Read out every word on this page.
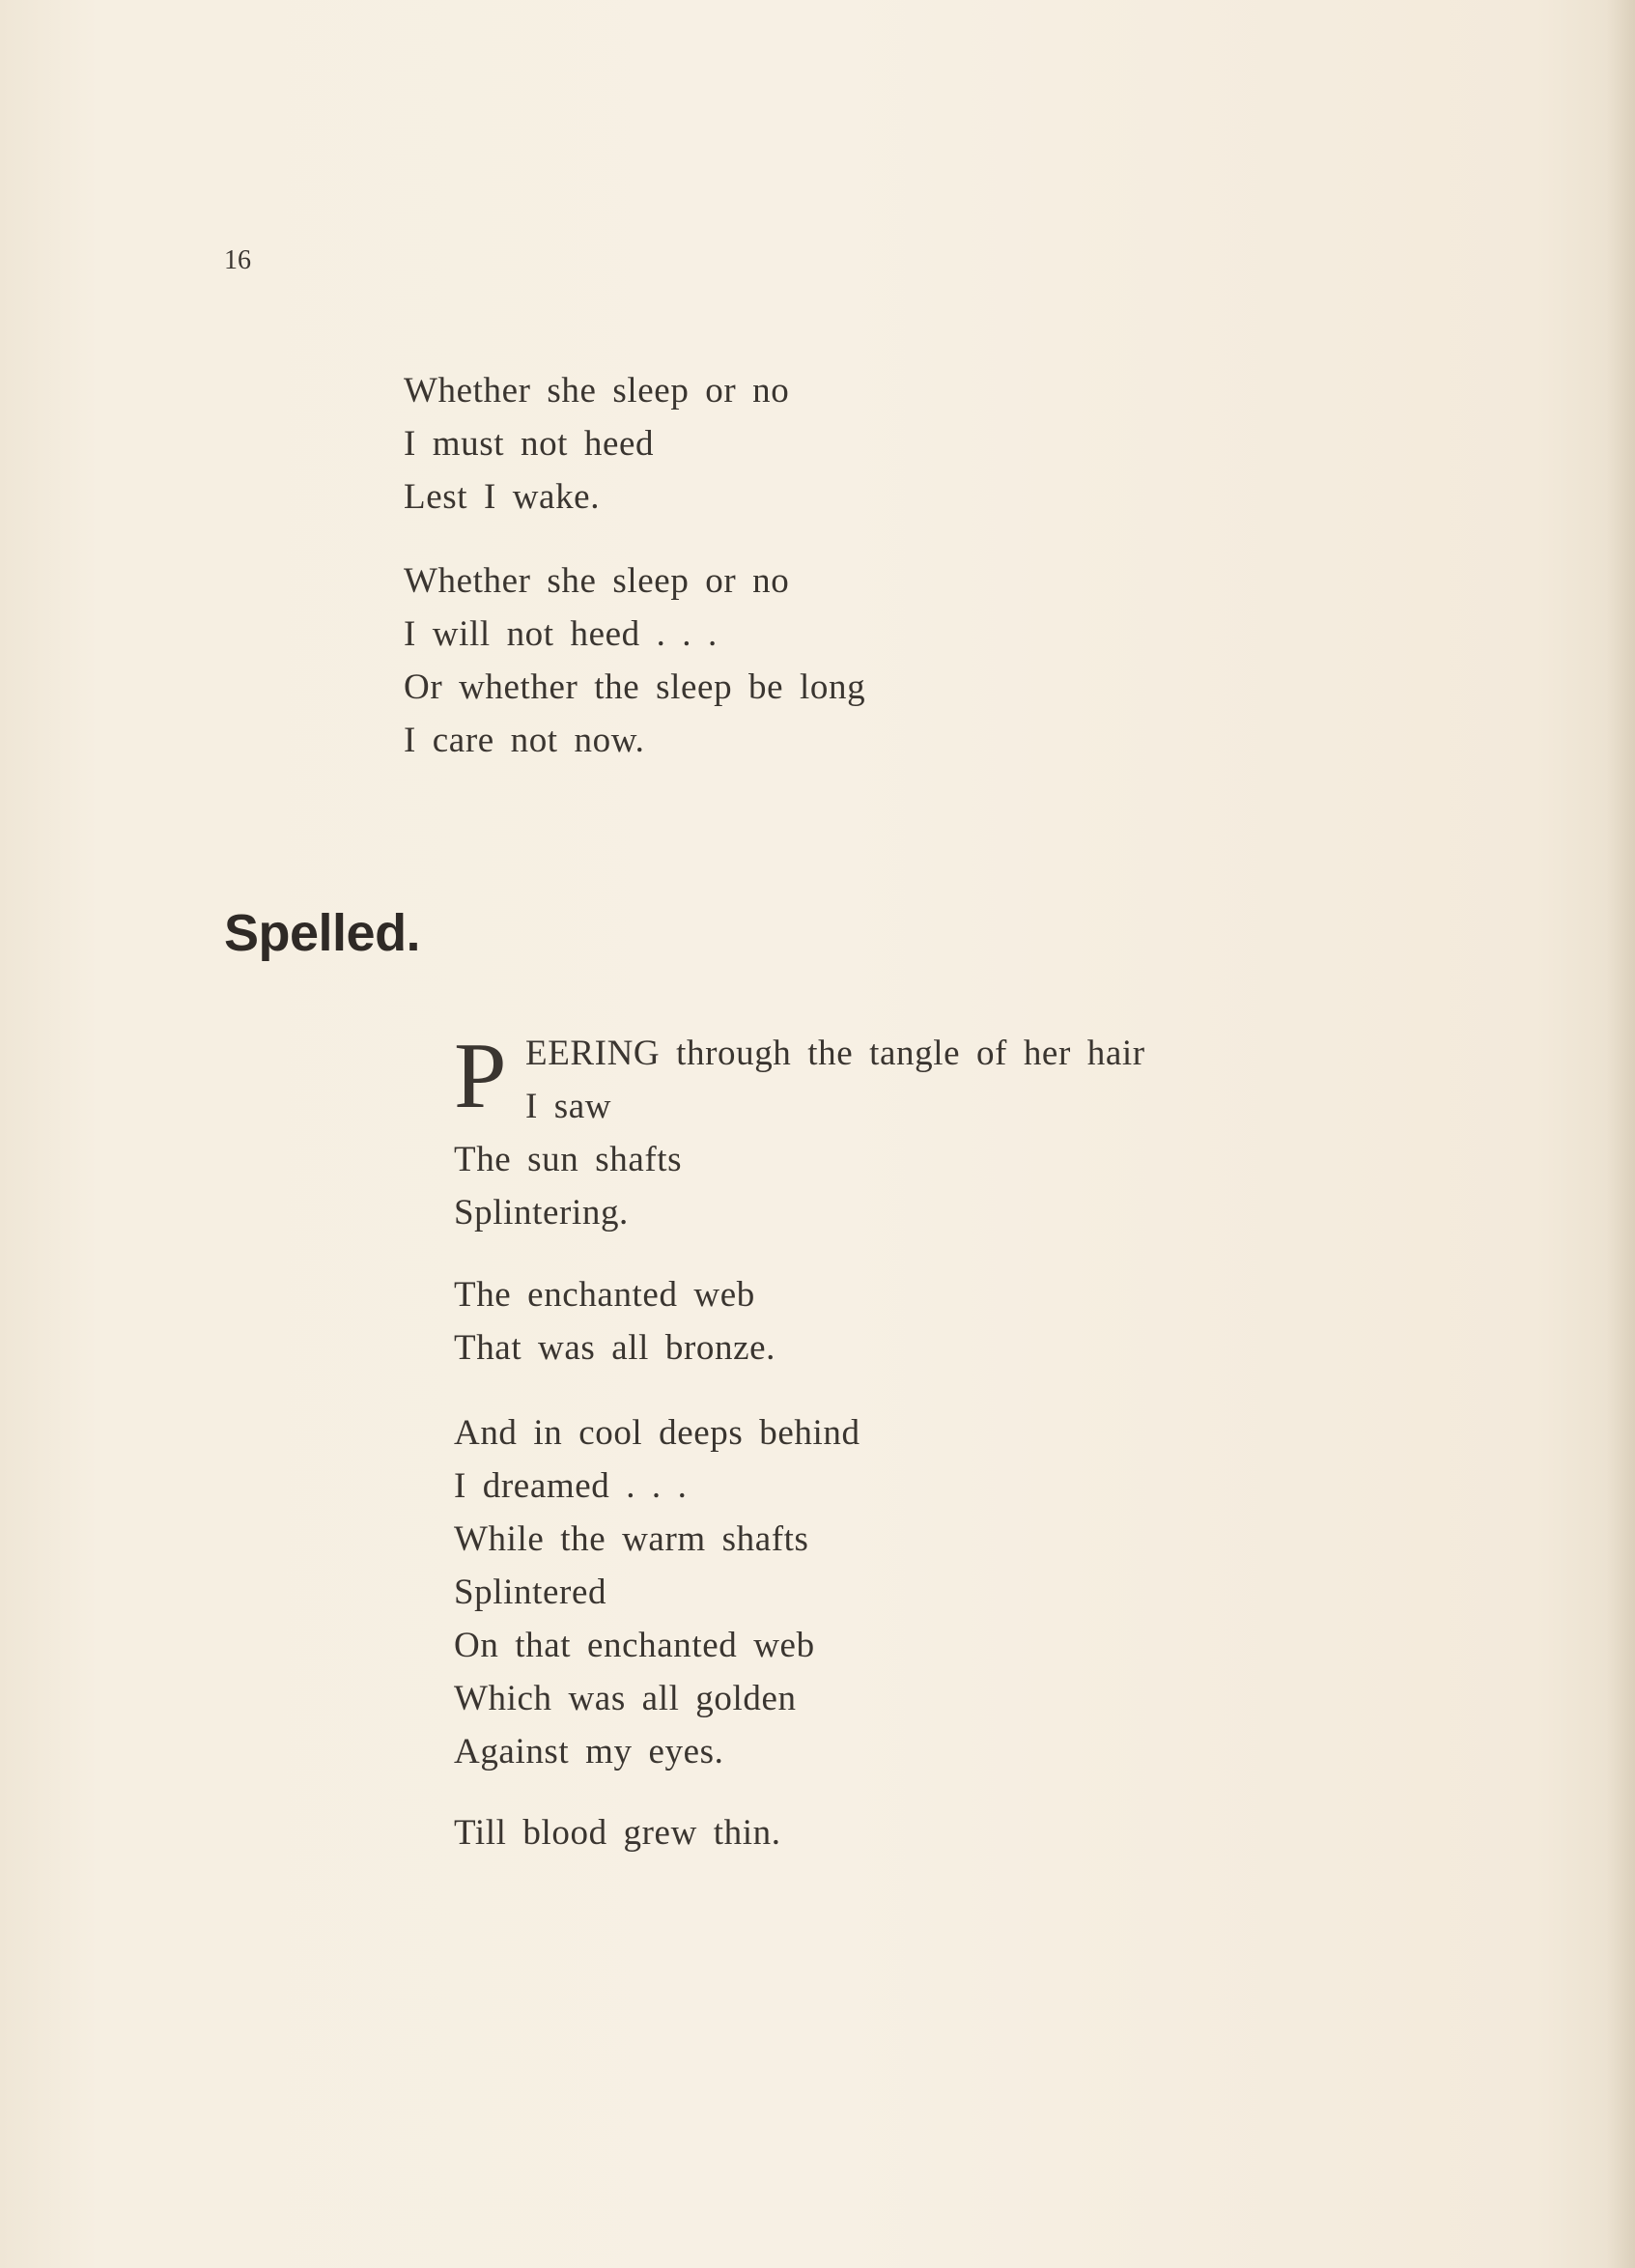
16
Whether she sleep or no
I must not heed
Lest I wake.
Whether she sleep or no
I will not heed . . .
Or whether the sleep be long
I care not now.
Spelled.
P EERING through the tangle of her hair
I saw
The sun shafts
Splintering.
The enchanted web
That was all bronze.
And in cool deeps behind
I dreamed . . .
While the warm shafts
Splintered
On that enchanted web
Which was all golden
Against my eyes.
Till blood grew thin.
